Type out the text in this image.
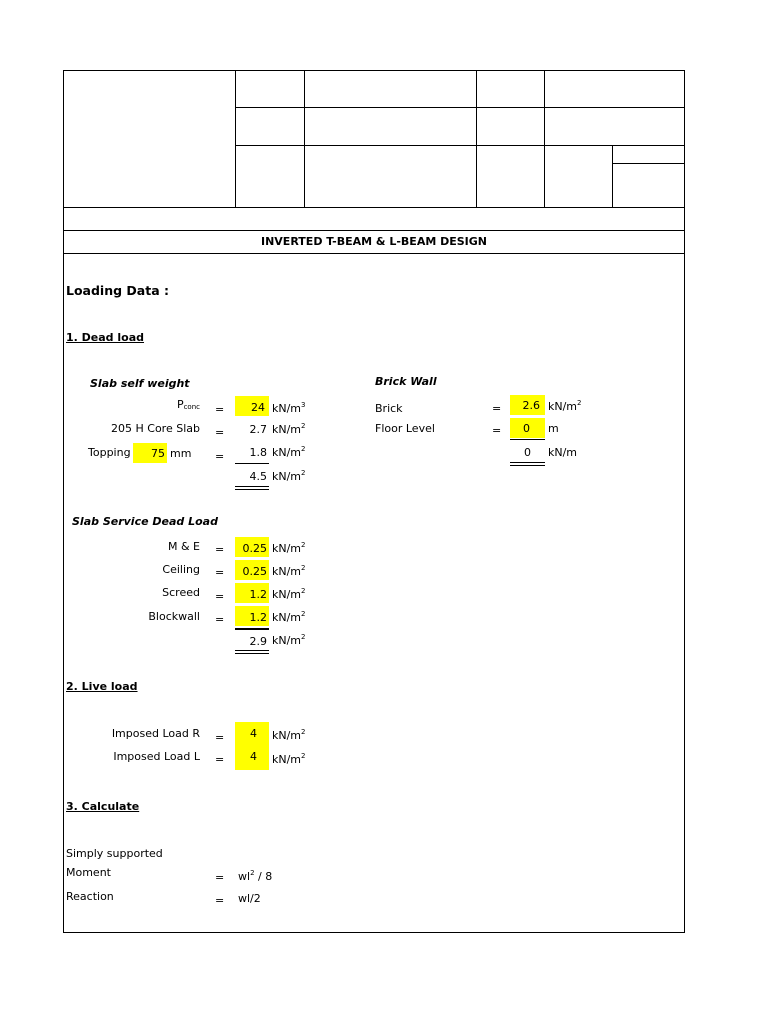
INVERTED T-BEAM & L-BEAM DESIGN
Loading Data :
1. Dead load
Slab self weight
$P_{conc}$ =	24 $kN/m^3$
205 H Core Slab =	2.7 $kN/m^2$
Topping	75 mm =	1.8 $kN/m^2$
4.5 $kN/m^2$
Brick Wall
Brick	=	2.6 $kN/m^2$
Floor Level	=	0 m
0 kN/m
Slab Service Dead Load
M & E =	0.25 $kN/m^2$
Ceiling =	0.25 $kN/m^2$
Screed =	1.2 $kN/m^2$
Blockwall =	1.2 $kN/m^2$
2.9 $kN/m^2$
2. Live load
Imposed Load R =	4 $kN/m^2$
Imposed Load L =	4 $kN/m^2$
3. Calculate
Simply supported
Moment	= $wl^2 / 8$
Reaction	= wl/2
